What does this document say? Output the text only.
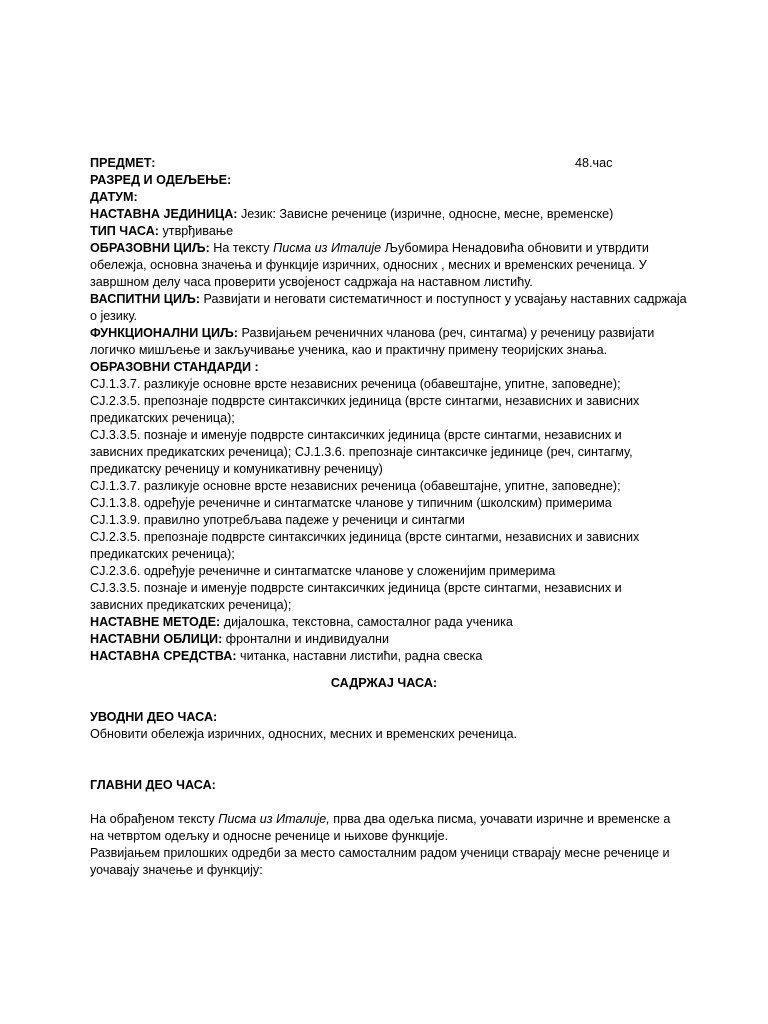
ПРЕДМЕТ:	48.час
РАЗРЕД И ОДЕЉЕЊЕ:
ДАТУМ:
НАСТАВНА ЈЕДИНИЦА: Језик: Зависне реченице (изричне, односне, месне, временске)
ТИП ЧАСА: утврђивање
ОБРАЗОВНИ ЦИЉ: На тексту Писма из Италије Љубомира Ненадовића обновити и утврдити
обележја, основна значења и функције изричних, односних , месних и временских реченица. У
завршном делу часа проверити усвојеност садржаја на наставном листићу.
ВАСПИТНИ ЦИЉ: Развијати и неговати систематичност и поступност у усвајању наставних садржаја
о језику.
ФУНКЦИОНАЛНИ ЦИЉ: Развијањем реченичних чланова (реч, синтагма) у реченицу развијати
логичко мишљење и закључивање ученика, као и практичну примену теоријских знања.
ОБРАЗОВНИ СТАНДАРДИ :
СЈ.1.3.7. разликује основне врсте независних реченица (обавештајне, упитне, заповедне);
СЈ.2.3.5. препознаје подврсте синтаксичких јединица (врсте синтагми, независних и зависних
предикатских реченица);
СЈ.3.3.5. познаје и именује подврсте синтаксичких јединица (врсте синтагми, независних и
зависних предикатских реченица); СЈ.1.3.6. препознаје синтаксичке јединице (реч, синтагму,
предикатску реченицу и комуникативну реченицу)
СЈ.1.3.7. разликује основне врсте независних реченица (обавештајне, упитне, заповедне);
СЈ.1.3.8. одређује реченичне и синтагматске чланове у типичним (школским) примерима
СЈ.1.3.9. правилно употребљава падеже у реченици и синтагми
СЈ.2.3.5. препознаје подврсте синтаксичких јединица (врсте синтагми, независних и зависних
предикатских реченица);
СЈ.2.3.6. одређује реченичне и синтагматске чланове у сложенијим примерима
СЈ.3.3.5. познаје и именује подврсте синтаксичких јединица (врсте синтагми, независних и
зависних предикатских реченица);
НАСТАВНЕ МЕТОДЕ: дијалошка, текстовна, самосталног рада ученика
НАСТАВНИ ОБЛИЦИ: фронтални и индивидуални
НАСТАВНА СРЕДСТВА: читанка, наставни листићи, радна свеска
САДРЖАЈ ЧАСА:
УВОДНИ ДЕО ЧАСА:
Обновити обележја изричних, односних, месних и временских реченица.
ГЛАВНИ ДЕО ЧАСА:
На обрађеном тексту Писма из Италије, прва два одељка писма, уочавати изричне и временске а
на четвртом одељку и односне реченице и њихове функције.
Развијањем прилошких одредби за место самосталним радом ученици стварају месне реченице и
уочавају значење и функцију:
